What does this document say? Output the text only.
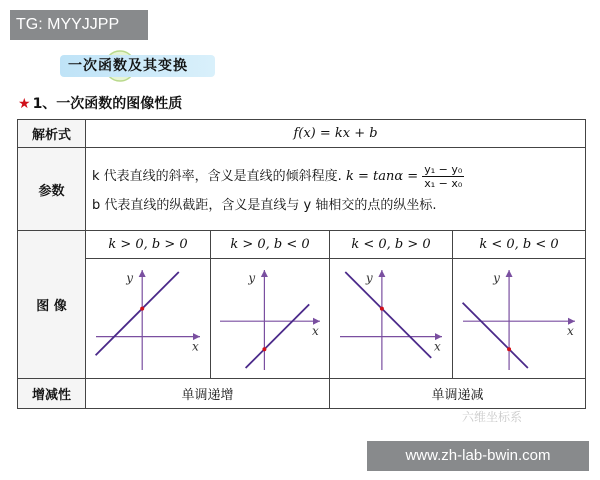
TG: MYYJJPP
一次函数及其变换
★ 1、一次函数的图像性质
解析式	f(x) = kx + b			
参数	k 代表直线的斜率，含义是直线的倾斜程度. $k = \tan\alpha = \frac{\text{y₁ − y₀}}{\text{x₁ − x₀}}$
b 代表直线的纵截距，含义是直线与 y 轴相交的点的纵坐标.			

图 像	k > 0, b > 0	k > 0, b < 0	k < 0, b > 0	k < 0, b < 0

x
y	x
y	x
y	x
y

增减性	单调递增		单调递减	
六维坐标系
www.zh-lab-bwin.com
